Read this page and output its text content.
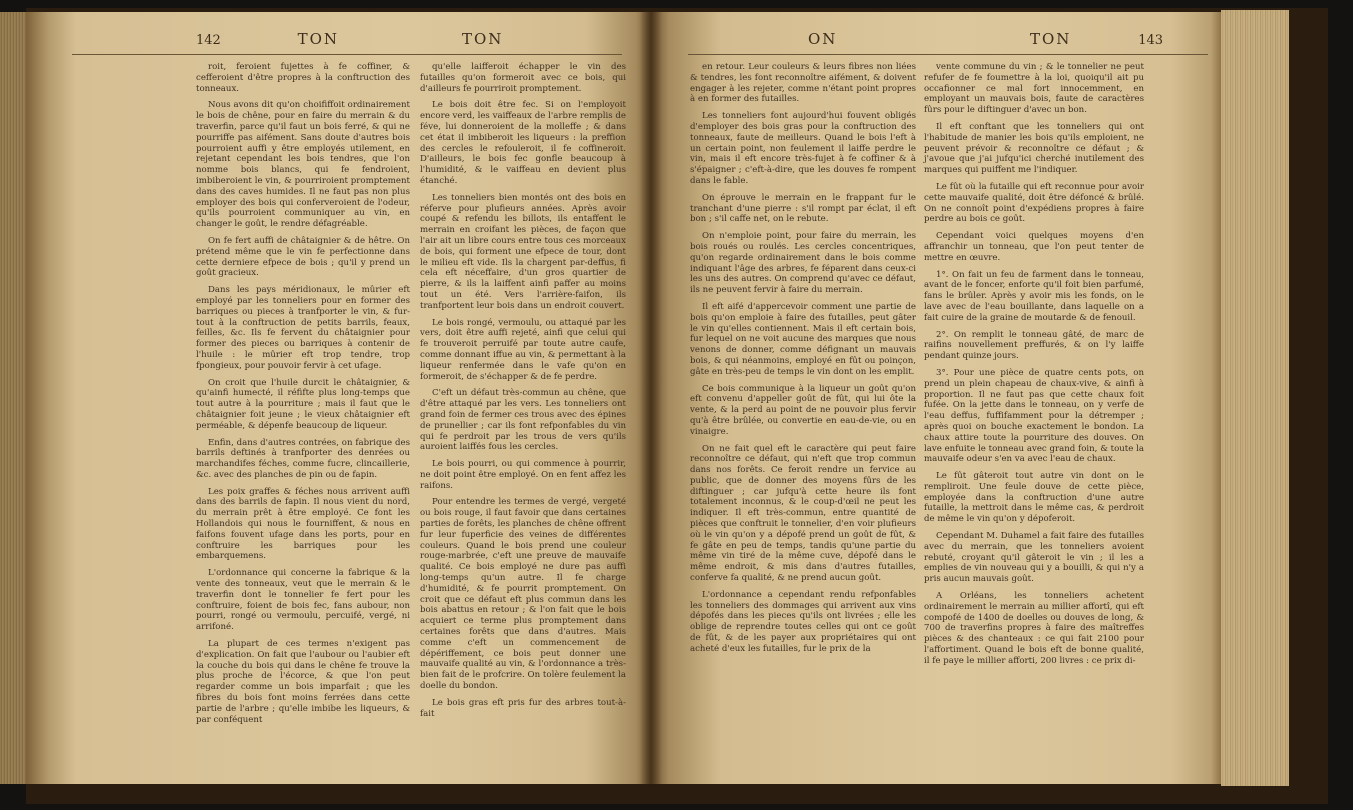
142	TON	TON	ON	TON	143

roit, feroient fujettes à fe coffiner, & cefferoient d'être propres à la conftruction des tonneaux.

Nous avons dit qu'on choififfoit ordinairement le bois de chêne, pour en faire du merrain & du traverfin, parce qu'il faut un bois ferré, & qui ne pourriffe pas aifément. Sans doute d'autres bois pourroient auffi y être employés utilement, en rejetant cependant les bois tendres, que l'on nomme bois blancs, qui fe fendroient, imbiberoient le vin, & pourriroient promptement dans des caves humides. Il ne faut pas non plus employer des bois qui conferveroient de l'odeur, qu'ils pourroient communiquer au vin, en changer le goût, le rendre défagréable.

On fe fert auffi de châtaignier & de hêtre. On prétend même que le vin fe perfectionne dans cette derniere efpece de bois ; qu'il y prend un goût gracieux.

Dans les pays méridionaux, le mûrier eft employé par les tonneliers pour en former des barriques ou pieces à tranfporter le vin, & fur-tout à la conftruction de petits barrils, feaux, feilles, &c. Ils fe fervent du châtaignier pour former des pieces ou barriques à contenir de l'huile : le mûrier eft trop tendre, trop fpongieux, pour pouvoir fervir à cet ufage.

On croit que l'huile durcit le châtaignier, & qu'ainfi humecté, il réfifte plus long-temps que tout autre à la pourriture ; mais il faut que le châtaignier foit jeune ; le vieux châtaignier eft perméable, & dépenfe beaucoup de liqueur.

Enfin, dans d'autres contrées, on fabrique des barrils deftinés à tranfporter des denrées ou marchandifes féches, comme fucre, clincaillerie, &c. avec des planches de pin ou de fapin.

Les poix graffes & féches nous arrivent auffi dans des barrils de fapin. Il nous vient du nord, du merrain prêt à être employé. Ce font les Hollandois qui nous le fourniffent, & nous en faifons fouvent ufage dans les ports, pour en conftruire les barriques pour les embarquemens.

L'ordonnance qui concerne la fabrique & la vente des tonneaux, veut que le merrain & le traverfin dont le tonnelier fe fert pour les conftruire, foient de bois fec, fans aubour, non pourri, rongé ou vermoulu, percuifé, vergé, ni arrifoné.

La plupart de ces termes n'exigent pas d'explication. On fait que l'aubour ou l'aubier eft la couche du bois qui dans le chêne fe trouve la plus proche de l'écorce, & que l'on peut regarder comme un bois imparfait ; que les fibres du bois font moins ferrées dans cette partie de l'arbre ; qu'elle imbibe les liqueurs, & par conféquent

qu'elle laifferoit échapper le vin des futailles qu'on formeroit avec ce bois, qui d'ailleurs fe pourriroit promptement.

Le bois doit être fec. Si on l'employoit encore verd, les vaiffeaux de l'arbre remplis de féve, lui donneroient de la molleffe ; & dans cet état il imbiberoit les liqueurs : la preffion des cercles le refouleroit, il fe coffineroit. D'ailleurs, le bois fec gonfle beaucoup à l'humidité, & le vaiffeau en devient plus étanché.

Les tonneliers bien montés ont des bois en réferve pour plufieurs années. Après avoir coupé & refendu les billots, ils entaffent le merrain en croifant les pièces, de façon que l'air ait un libre cours entre tous ces morceaux de bois, qui forment une efpece de tour, dont le milieu eft vide. Ils la chargent par-deffus, fi cela eft néceffaire, d'un gros quartier de pierre, & ils la laiffent ainfi paffer au moins tout un été. Vers l'arrière-faifon, ils tranfportent leur bois dans un endroit couvert.

Le bois rongé, vermoulu, ou attaqué par les vers, doit être auffi rejeté, ainfi que celui qui fe trouveroit perruifé par toute autre caufe, comme donnant iffue au vin, & permettant à la liqueur renfermée dans le vafe qu'on en formeroit, de s'échapper & de fe perdre.

C'eft un défaut très-commun au chêne, que d'être attaqué par les vers. Les tonneliers ont grand foin de fermer ces trous avec des épines de prunellier ; car ils font refponfables du vin qui fe perdroit par les trous de vers qu'ils auroient laiffés fous les cercles.

Le bois pourri, ou qui commence à pourrir, ne doit point être employé. On en fent affez les raifons.

Pour entendre les termes de vergé, vergeté ou bois rouge, il faut favoir que dans certaines parties de forêts, les planches de chêne offrent fur leur fuperficie des veines de différentes couleurs. Quand le bois prend une couleur rouge-marbrée, c'eft une preuve de mauvaife qualité. Ce bois employé ne dure pas auffi long-temps qu'un autre. Il fe charge d'humidité, & fe pourrit promptement. On croit que ce défaut eft plus commun dans les bois abattus en retour ; & l'on fait que le bois acquiert ce terme plus promptement dans certaines forêts que dans d'autres. Mais comme c'eft un commencement de dépériffement, ce bois peut donner une mauvaife qualité au vin, & l'ordonnance a très-bien fait de le profcrire. On tolère feulement la doelle du bondon.

Le bois gras eft pris fur des arbres tout-à-fait

en retour. Leur couleurs & leurs fibres non liées & tendres, les font reconnoître aifément, & doivent engager à les rejeter, comme n'étant point propres à en former des futailles.

Les tonneliers font aujourd'hui fouvent obligés d'employer des bois gras pour la conftruction des tonneaux, faute de meilleurs. Quand le bois l'eft à un certain point, non feulement il laiffe perdre le vin, mais il eft encore très-fujet à fe coffiner & à s'épaigner ; c'eft-à-dire, que les douves fe rompent dans le fable.

On éprouve le merrain en le frappant fur le tranchant d'une pierre : s'il rompt par éclat, il eft bon ; s'il caffe net, on le rebute.

On n'emploie point, pour faire du merrain, les bois roués ou roulés. Les cercles concentriques, qu'on regarde ordinairement dans le bois comme indiquant l'âge des arbres, fe féparent dans ceux-ci les uns des autres. On comprend qu'avec ce défaut, ils ne peuvent fervir à faire du merrain.

Il eft aifé d'appercevoir comment une partie de bois qu'on emploie à faire des futailles, peut gâter le vin qu'elles contiennent. Mais il eft certain bois, fur lequel on ne voit aucune des marques que nous venons de donner, comme défignant un mauvais bois, & qui néanmoins, employé en fût ou poinçon, gâte en très-peu de temps le vin dont on les emplit.

Ce bois communique à la liqueur un goût qu'on eft convenu d'appeller goût de fût, qui lui ôte la vente, & la perd au point de ne pouvoir plus fervir qu'à être brûlée, ou convertie en eau-de-vie, ou en vinaigre.

On ne fait quel eft le caractère qui peut faire reconnoître ce défaut, qui n'eft que trop commun dans nos forêts. Ce feroit rendre un fervice au public, que de donner des moyens fûrs de les diftinguer ; car jufqu'à cette heure ils font totalement inconnus, & le coup-d'œil ne peut les indiquer. Il eft très-commun, entre quantité de pièces que conftruit le tonnelier, d'en voir plufieurs où le vin qu'on y a dépofé prend un goût de fût, & fe gâte en peu de temps, tandis qu'une partie du même vin tiré de la même cuve, dépofé dans le même endroit, & mis dans d'autres futailles, conferve fa qualité, & ne prend aucun goût.

L'ordonnance a cependant rendu refponfables les tonneliers des dommages qui arrivent aux vins dépofés dans les pieces qu'ils ont livrées ; elle les oblige de reprendre toutes celles qui ont ce goût de fût, & de les payer aux propriétaires qui ont acheté d'eux les futailles, fur le prix de la

vente commune du vin ; & le tonnelier ne peut refufer de fe foumettre à la loi, quoiqu'il ait pu occafionner ce mal fort innocemment, en employant un mauvais bois, faute de caractères fûrs pour le diftinguer d'avec un bon.

Il eft conftant que les tonneliers qui ont l'habitude de manier les bois qu'ils emploient, ne peuvent prévoir & reconnoître ce défaut ; & j'avoue que j'ai jufqu'ici cherché inutilement des marques qui puiffent me l'indiquer.

Le fût où la futaille qui eft reconnue pour avoir cette mauvaife qualité, doit être défoncé & brûlé. On ne connoît point d'expédiens propres à faire perdre au bois ce goût.

Cependant voici quelques moyens d'en affranchir un tonneau, que l'on peut tenter de mettre en œuvre.

1°. On fait un feu de farment dans le tonneau, avant de le foncer, enforte qu'il foit bien parfumé, fans le brûler. Après y avoir mis les fonds, on le lave avec de l'eau bouillante, dans laquelle on a fait cuire de la graine de moutarde & de fenouil.

2°. On remplit le tonneau gâté, de marc de raifins nouvellement preffurés, & on l'y laiffe pendant quinze jours.

3°. Pour une pièce de quatre cents pots, on prend un plein chapeau de chaux-vive, & ainfi à proportion. Il ne faut pas que cette chaux foit fufée. On la jette dans le tonneau, on y verfe de l'eau deffus, fuffifamment pour la détremper ; après quoi on bouche exactement le bondon. La chaux attire toute la pourriture des douves. On lave enfuite le tonneau avec grand foin, & toute la mauvaife odeur s'en va avec l'eau de chaux.

Le fût gâteroit tout autre vin dont on le rempliroit. Une feule douve de cette pièce, employée dans la conftruction d'une autre futaille, la mettroit dans le même cas, & perdroit de même le vin qu'on y dépoferoit.

Cependant M. Duhamel a fait faire des futailles avec du merrain, que les tonneliers avoient rebuté, croyant qu'il gâteroit le vin ; il les a emplies de vin nouveau qui y a bouilli, & qui n'y a pris aucun mauvais goût.

A Orléans, les tonneliers achetent ordinairement le merrain au millier affortî, qui eft compofé de 1400 de doelles ou douves de long, & 700 de traverfins propres à faire des maîtreffes pièces & des chanteaux : ce qui fait 2100 pour l'affortiment. Quand le bois eft de bonne qualité, il fe paye le millier afforti, 200 livres : ce prix di-
